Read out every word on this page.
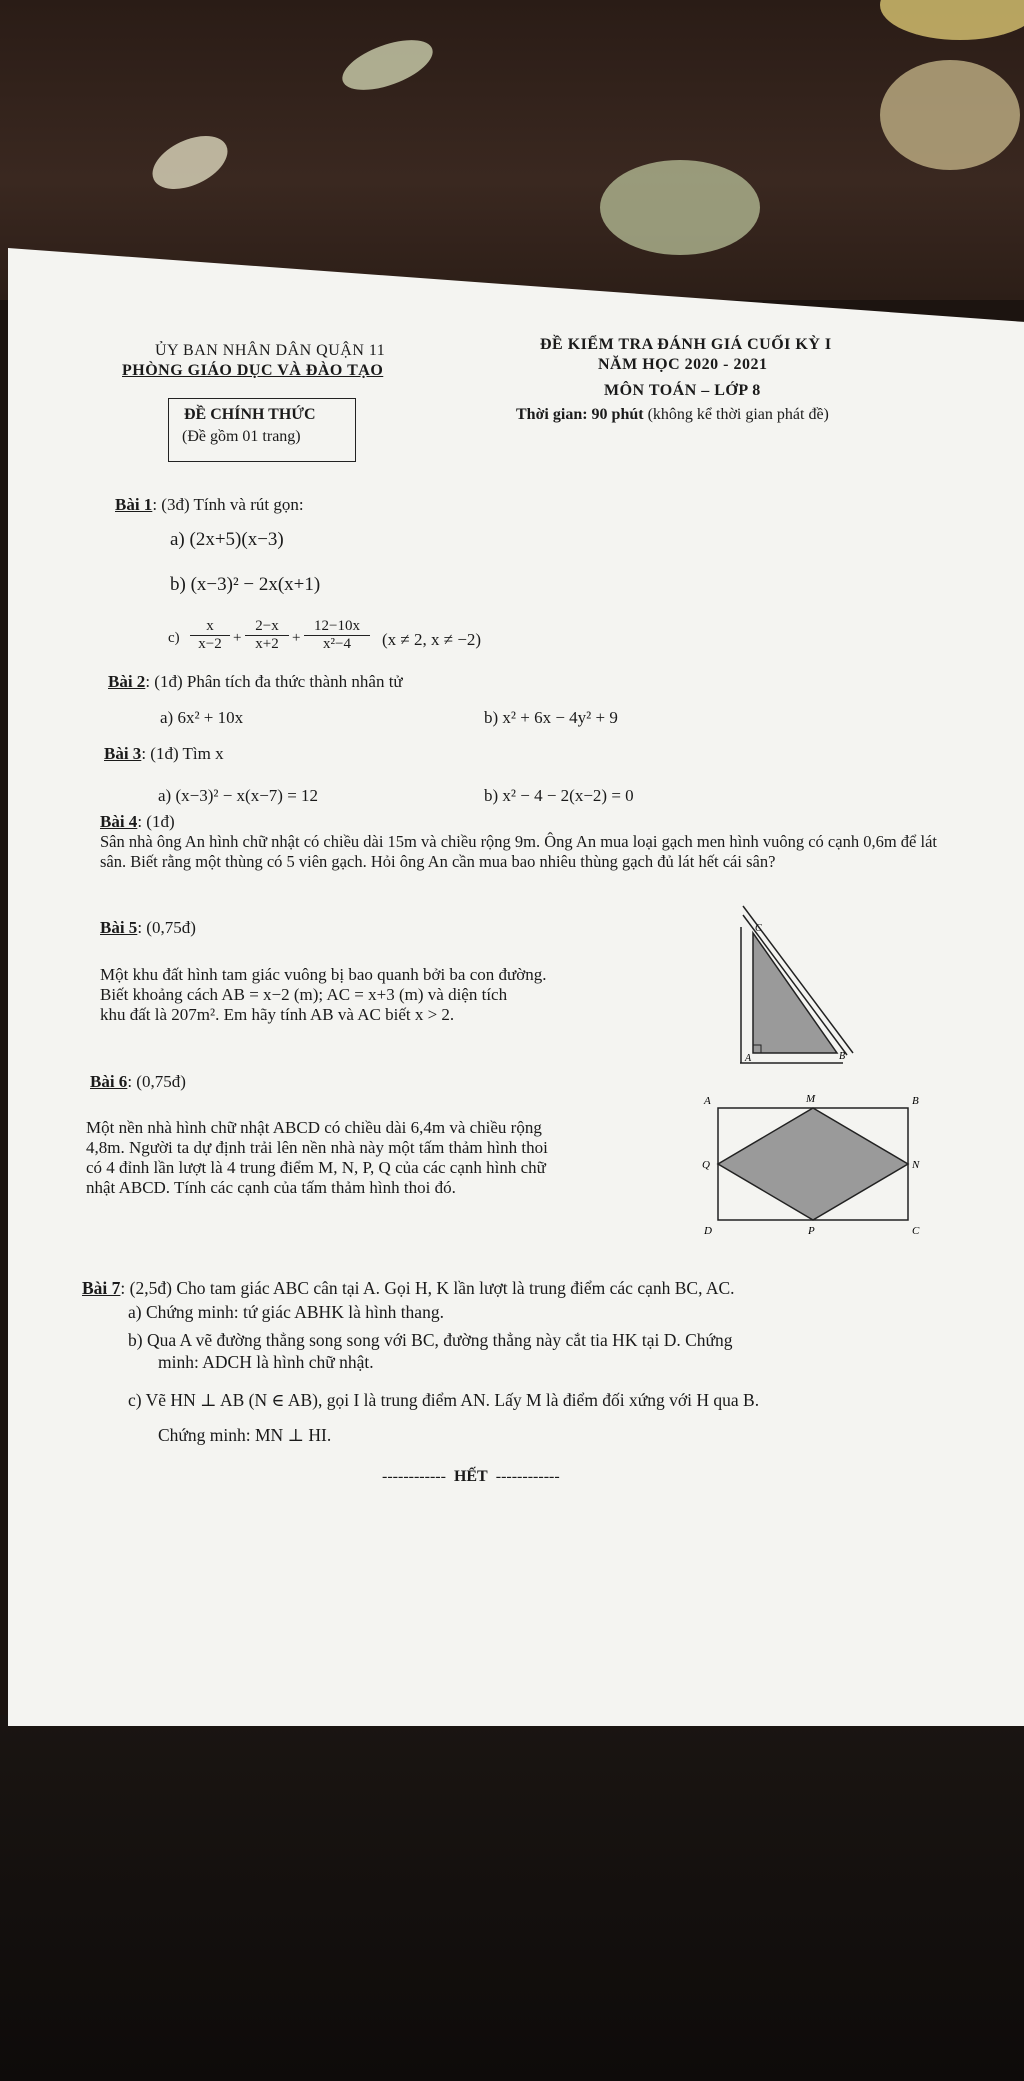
ỦY BAN NHÂN DÂN QUẬN 11
PHÒNG GIÁO DỤC VÀ ĐÀO TẠO
ĐỀ CHÍNH THỨC
(Đề gồm 01 trang)
ĐỀ KIỂM TRA ĐÁNH GIÁ CUỐI KỲ I
NĂM HỌC 2020 - 2021
MÔN TOÁN – LỚP 8
Thời gian: 90 phút (không kể thời gian phát đề)
Bài 1: (3đ) Tính và rút gọn:
a) (2x+5)(x−3)
b) (x−3)² − 2x(x+1)
$c) \frac{x}{x-2} + \frac{2-x}{x+2} + \frac{12-10x}{\text{x²−4}} (x \ne 2$, x ≠ −2)
Bài 2: (1đ) Phân tích đa thức thành nhân tử
a) 6x² + 10x	b) x² + 6x − 4y² + 9
Bài 3: (1đ) Tìm x
a) (x−3)² − x(x−7) = 12	b) x² − 4 − 2(x−2) = 0
Bài 4: (1đ)
Sân nhà ông An hình chữ nhật có chiều dài 15m và chiều rộng 9m. Ông An mua loại gạch men hình vuông có cạnh 0,6m để lát sân. Biết rằng một thùng có 5 viên gạch. Hỏi ông An cần mua bao nhiêu thùng gạch đủ lát hết cái sân?
Bài 5: (0,75đ)
Một khu đất hình tam giác vuông bị bao quanh bởi ba con đường.
Biết khoảng cách AB = x−2 (m); AC = x+3 (m) và diện tích
khu đất là 207m². Em hãy tính AB và AC biết x > 2.
C
A	B
Bài 6: (0,75đ)
Một nền nhà hình chữ nhật ABCD có chiều dài 6,4m và chiều rộng
4,8m. Người ta dự định trải lên nền nhà này một tấm thảm hình thoi
có 4 đỉnh lần lượt là 4 trung điểm M, N, P, Q của các cạnh hình chữ
nhật ABCD. Tính các cạnh của tấm thảm hình thoi đó.
A	M	B
Q	N
D	P	C
Bài 7: (2,5đ) Cho tam giác ABC cân tại A. Gọi H, K lần lượt là trung điểm các cạnh BC, AC.
a) Chứng minh: tứ giác ABHK là hình thang.
b) Qua A vẽ đường thẳng song song với BC, đường thẳng này cắt tia HK tại D. Chứng
minh: ADCH là hình chữ nhật.
c) Vẽ HN ⊥ AB (N ∈ AB), gọi I là trung điểm AN. Lấy M là điểm đối xứng với H qua B.
Chứng minh: MN ⊥ HI.
------------ HẾT ------------
